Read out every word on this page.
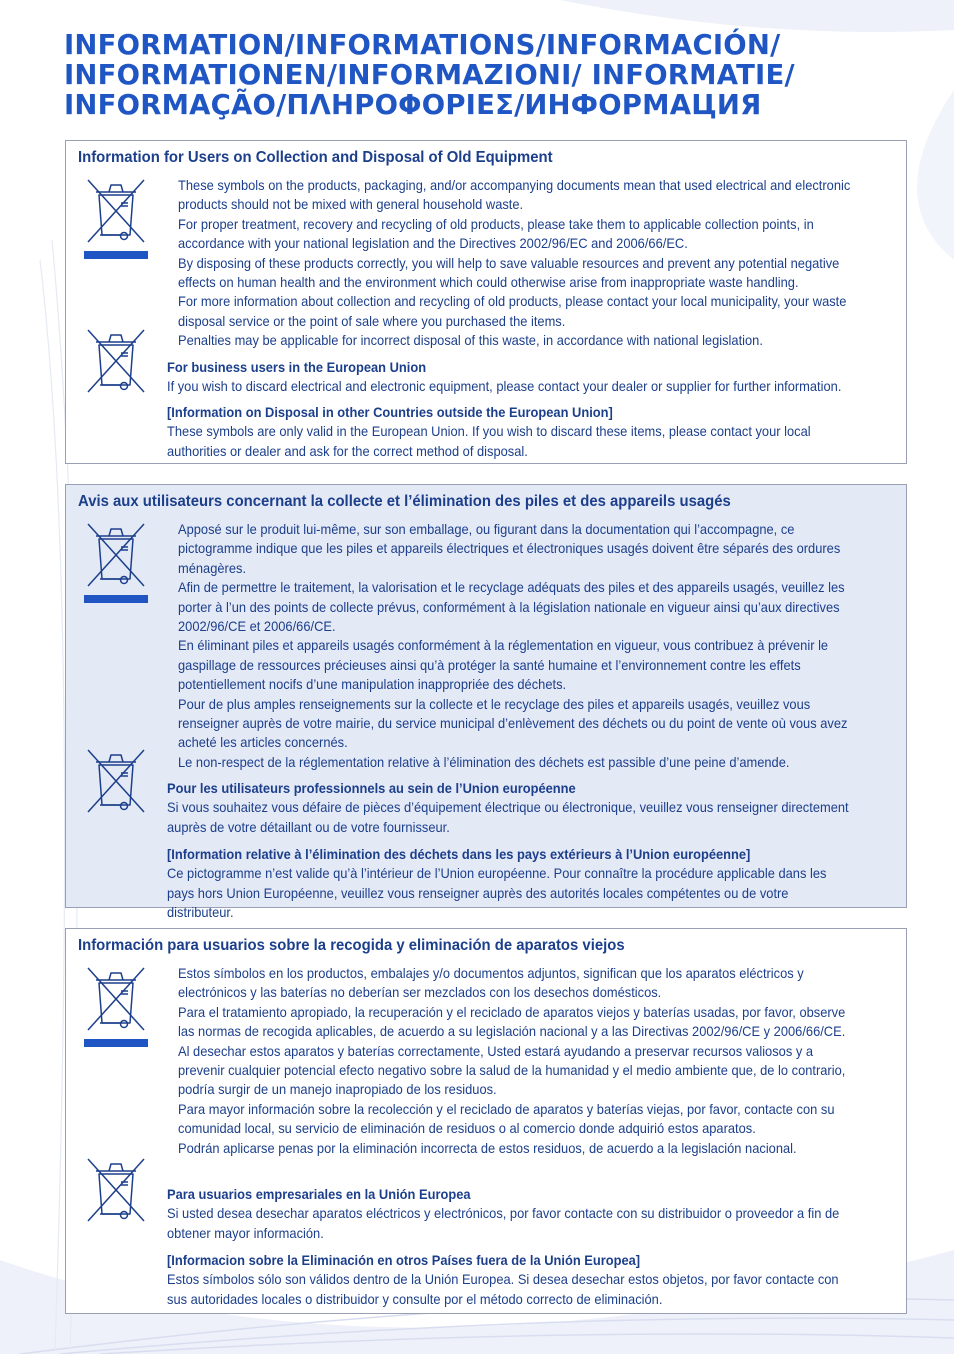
INFORMATION/INFORMATIONS/INFORMACIÓN/
INFORMATIONEN/INFORMAZIONI/ INFORMATIE/
INFORMAÇÃO/ΠΛΗΡΟΦΟΡΙΕΣ/ИНФОРМАЦИЯ
Information for Users on Collection and Disposal of Old Equipment

These symbols on the products, packaging, and/or accompanying documents mean that used electrical and electronic products should not be mixed with general household waste.

For proper treatment, recovery and recycling of old products, please take them to applicable collection points, in accordance with your national legislation and the Directives 2002/96/EC and 2006/66/EC.

By disposing of these products correctly, you will help to save valuable resources and prevent any potential negative effects on human health and the environment which could otherwise arise from inappropriate waste handling.

For more information about collection and recycling of old products, please contact your local municipality, your waste disposal service or the point of sale where you purchased the items.

Penalties may be applicable for incorrect disposal of this waste, in accordance with national legislation.

For business users in the European Union

If you wish to discard electrical and electronic equipment, please contact your dealer or supplier for further information.

[Information on Disposal in other Countries outside the European Union]

These symbols are only valid in the European Union. If you wish to discard these items, please contact your local authorities or dealer and ask for the correct method of disposal.

Avis aux utilisateurs concernant la collecte et l’élimination des piles et des appareils usagés

Apposé sur le produit lui-même, sur son emballage, ou figurant dans la documentation qui l’accompagne, ce pictogramme indique que les piles et appareils électriques et électroniques usagés doivent être séparés des ordures ménagères.

Afin de permettre le traitement, la valorisation et le recyclage adéquats des piles et des appareils usagés, veuillez les porter à l’un des points de collecte prévus, conformément à la législation nationale en vigueur ainsi qu’aux directives 2002/96/CE et 2006/66/CE.

En éliminant piles et appareils usagés conformément à la réglementation en vigueur, vous contribuez à prévenir le gaspillage de ressources précieuses ainsi qu’à protéger la santé humaine et l’environnement contre les effets potentiellement nocifs d’une manipulation inappropriée des déchets.

Pour de plus amples renseignements sur la collecte et le recyclage des piles et appareils usagés, veuillez vous renseigner auprès de votre mairie, du service municipal d’enlèvement des déchets ou du point de vente où vous avez acheté les articles concernés.

Le non-respect de la réglementation relative à l’élimination des déchets est passible d’une peine d’amende.

Pour les utilisateurs professionnels au sein de l’Union européenne

Si vous souhaitez vous défaire de pièces d’équipement électrique ou électronique, veuillez vous renseigner directement auprès de votre détaillant ou de votre fournisseur.

[Information relative à l’élimination des déchets dans les pays extérieurs à l’Union européenne]

Ce pictogramme n’est valide qu’à l’intérieur de l’Union européenne. Pour connaître la procédure applicable dans les pays hors Union Européenne, veuillez vous renseigner auprès des autorités locales compétentes ou de votre distributeur.

Información para usuarios sobre la recogida y eliminación de aparatos viejos

Estos símbolos en los productos, embalajes y/o documentos adjuntos, significan que los aparatos eléctricos y electrónicos y las baterías no deberían ser mezclados con los desechos domésticos.

Para el tratamiento apropiado, la recuperación y el reciclado de aparatos viejos y baterías usadas, por favor, observe las normas de recogida aplicables, de acuerdo a su legislación nacional y a las Directivas 2002/96/CE y 2006/66/CE.

Al desechar estos aparatos y baterías correctamente, Usted estará ayudando a preservar recursos valiosos y a prevenir cualquier potencial efecto negativo sobre la salud de la humanidad y el medio ambiente que, de lo contrario, podría surgir de un manejo inapropiado de los residuos.

Para mayor información sobre la recolección y el reciclado de aparatos y baterías viejas, por favor, contacte con su comunidad local, su servicio de eliminación de residuos o al comercio donde adquirió estos aparatos.

Podrán aplicarse penas por la eliminación incorrecta de estos residuos, de acuerdo a la legislación nacional.

Para usuarios empresariales en la Unión Europea

Si usted desea desechar aparatos eléctricos y electrónicos, por favor contacte con su distribuidor o proveedor a fin de obtener mayor información.

[Informacion sobre la Eliminación en otros Países fuera de la Unión Europea]

Estos símbolos sólo son válidos dentro de la Unión Europea. Si desea desechar estos objetos, por favor contacte con sus autoridades locales o distribuidor y consulte por el método correcto de eliminación.
